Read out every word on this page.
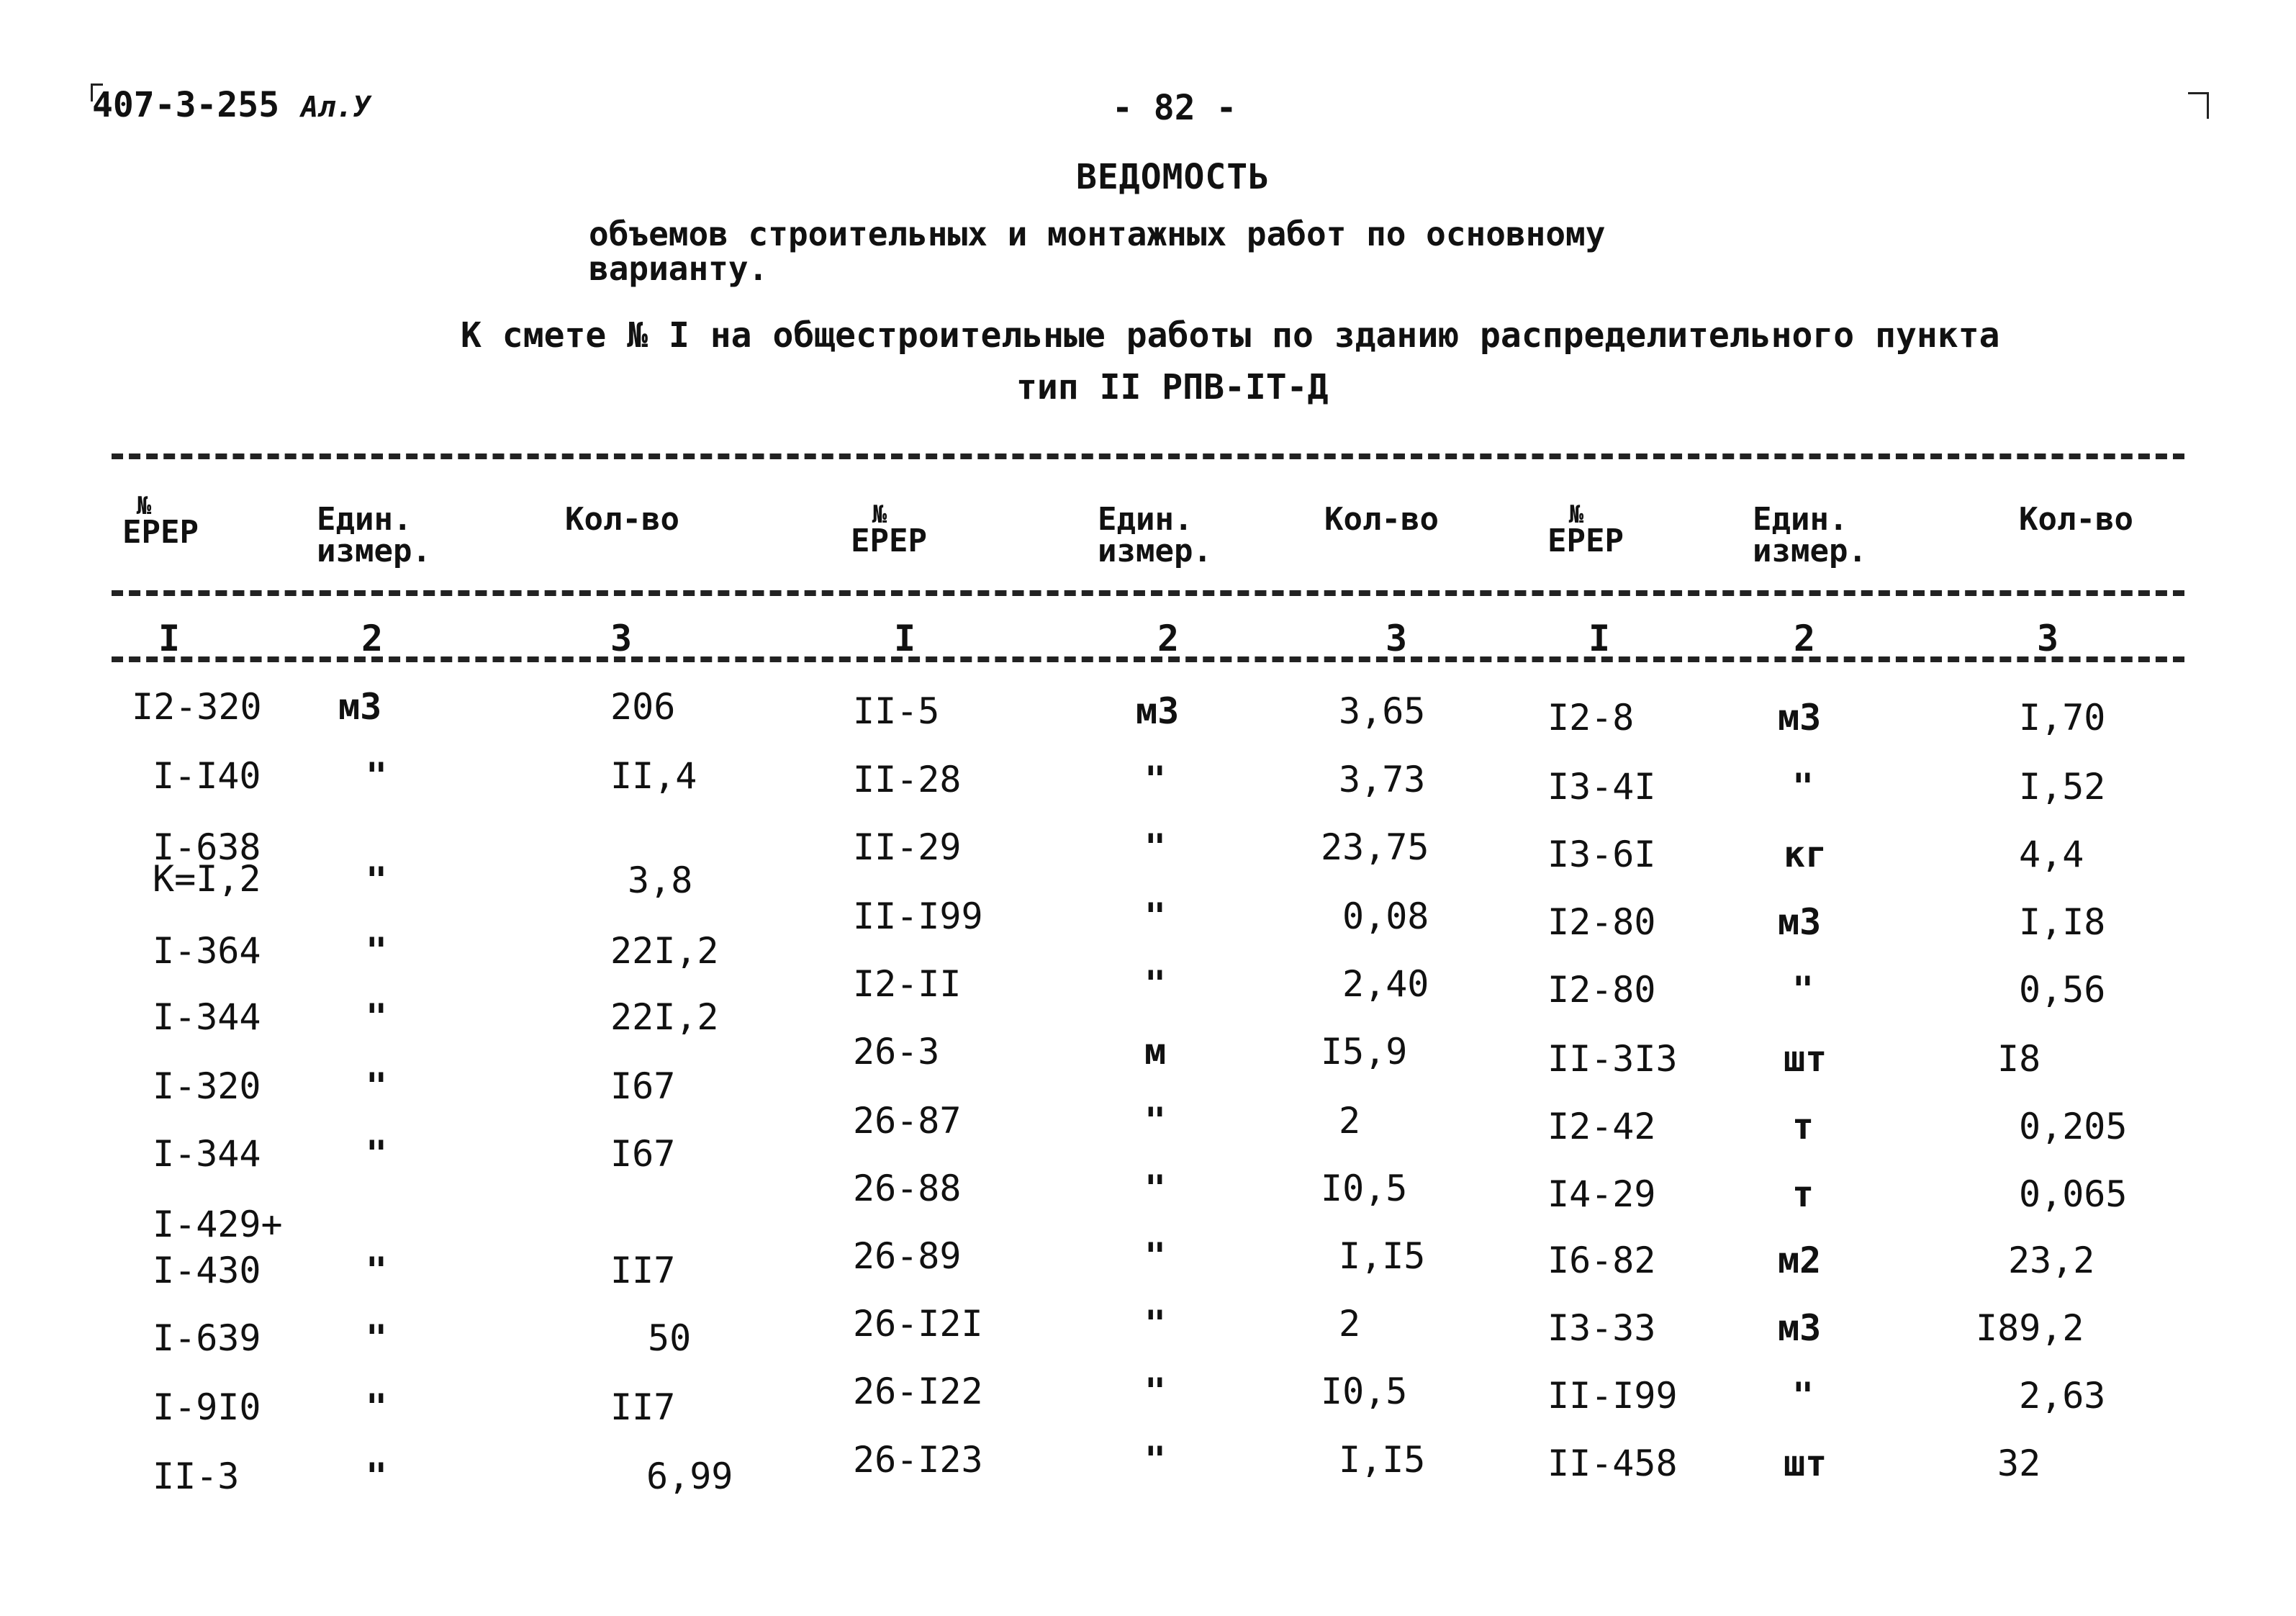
407-3-255 Ал.У	- 82 -
ВЕДОМОСТЬ
объемов строительных и монтажных работ по основному
варианту.
К смете № I на общестроительные работы по зданию распределительного пункта
тип II РПВ-IТ-Д
№
ЕРЕР	Един.
измер.
Кол-во	№
ЕРЕР
Един.
измер.
Кол-во	№
ЕРЕР
Един.
измер.
Кол-во
I	2	3	I	2	3	I	2	3
I2-320 м3	206
I-I40	"	II,4
I-638
К=I,2	"	3,8
I-364	"	22I,2
I-344	"	22I,2
I-320	"	I67
I-344	"	I67
I-429+
I-430	"	II7
I-639	"	50
I-9I0	"	II7
II-3	"	6,99
II-5	м3	3,65
II-28	"	3,73
II-29	"	23,75
II-I99	"	0,08
I2-II	"	2,40
26-3	м	I5,9
26-87	"	2
26-88	"	I0,5
26-89	"	I,I5
26-I2I	"	2
26-I22	"	I0,5
26-I23	"	I,I5
I2-8	м3	I,70
I3-4I	"	I,52
I3-6I	кг	4,4
I2-80	м3	I,I8
I2-80	"	0,56
II-3I3	шт	I8
I2-42	т	0,205
I4-29	т	0,065
I6-82	м2	23,2
I3-33	м3	I89,2
II-I99	"	2,63
II-458	шт	32
